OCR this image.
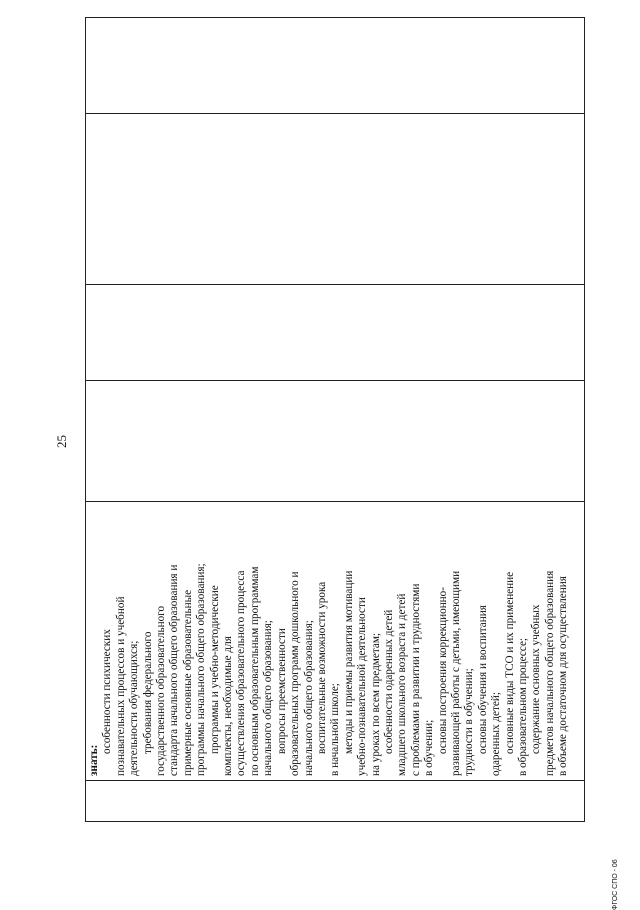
25

знать:
особенности психических познавательных процессов и учебной деятельности обучающихся; требования федерального государственного образовательного стандарта начального общего образования и примерные основные образовательные программы начального общего образования; программы и учебно-методические комплекты, необходимые для осуществления образовательного процесса по основным образовательным программам начального общего образования; вопросы преемственности образовательных программ дошкольного и начального общего образования; воспитательные возможности урока в начальной школе; методы и приемы развития мотивации учебно-познавательной деятельности на уроках по всем предметам; особенности одаренных детей младшего школьного возраста и детей с проблемами в развитии и трудностями в обучении; основы построения коррекционно- развивающей работы с детьми, имеющими трудности в обучении; основы обучения и воспитания одаренных детей; основные виды ТСО и их применение в образовательном процессе; содержание основных учебных предметов начального общего образования в объеме достаточном для осуществления

ФГОС СПО - 06
